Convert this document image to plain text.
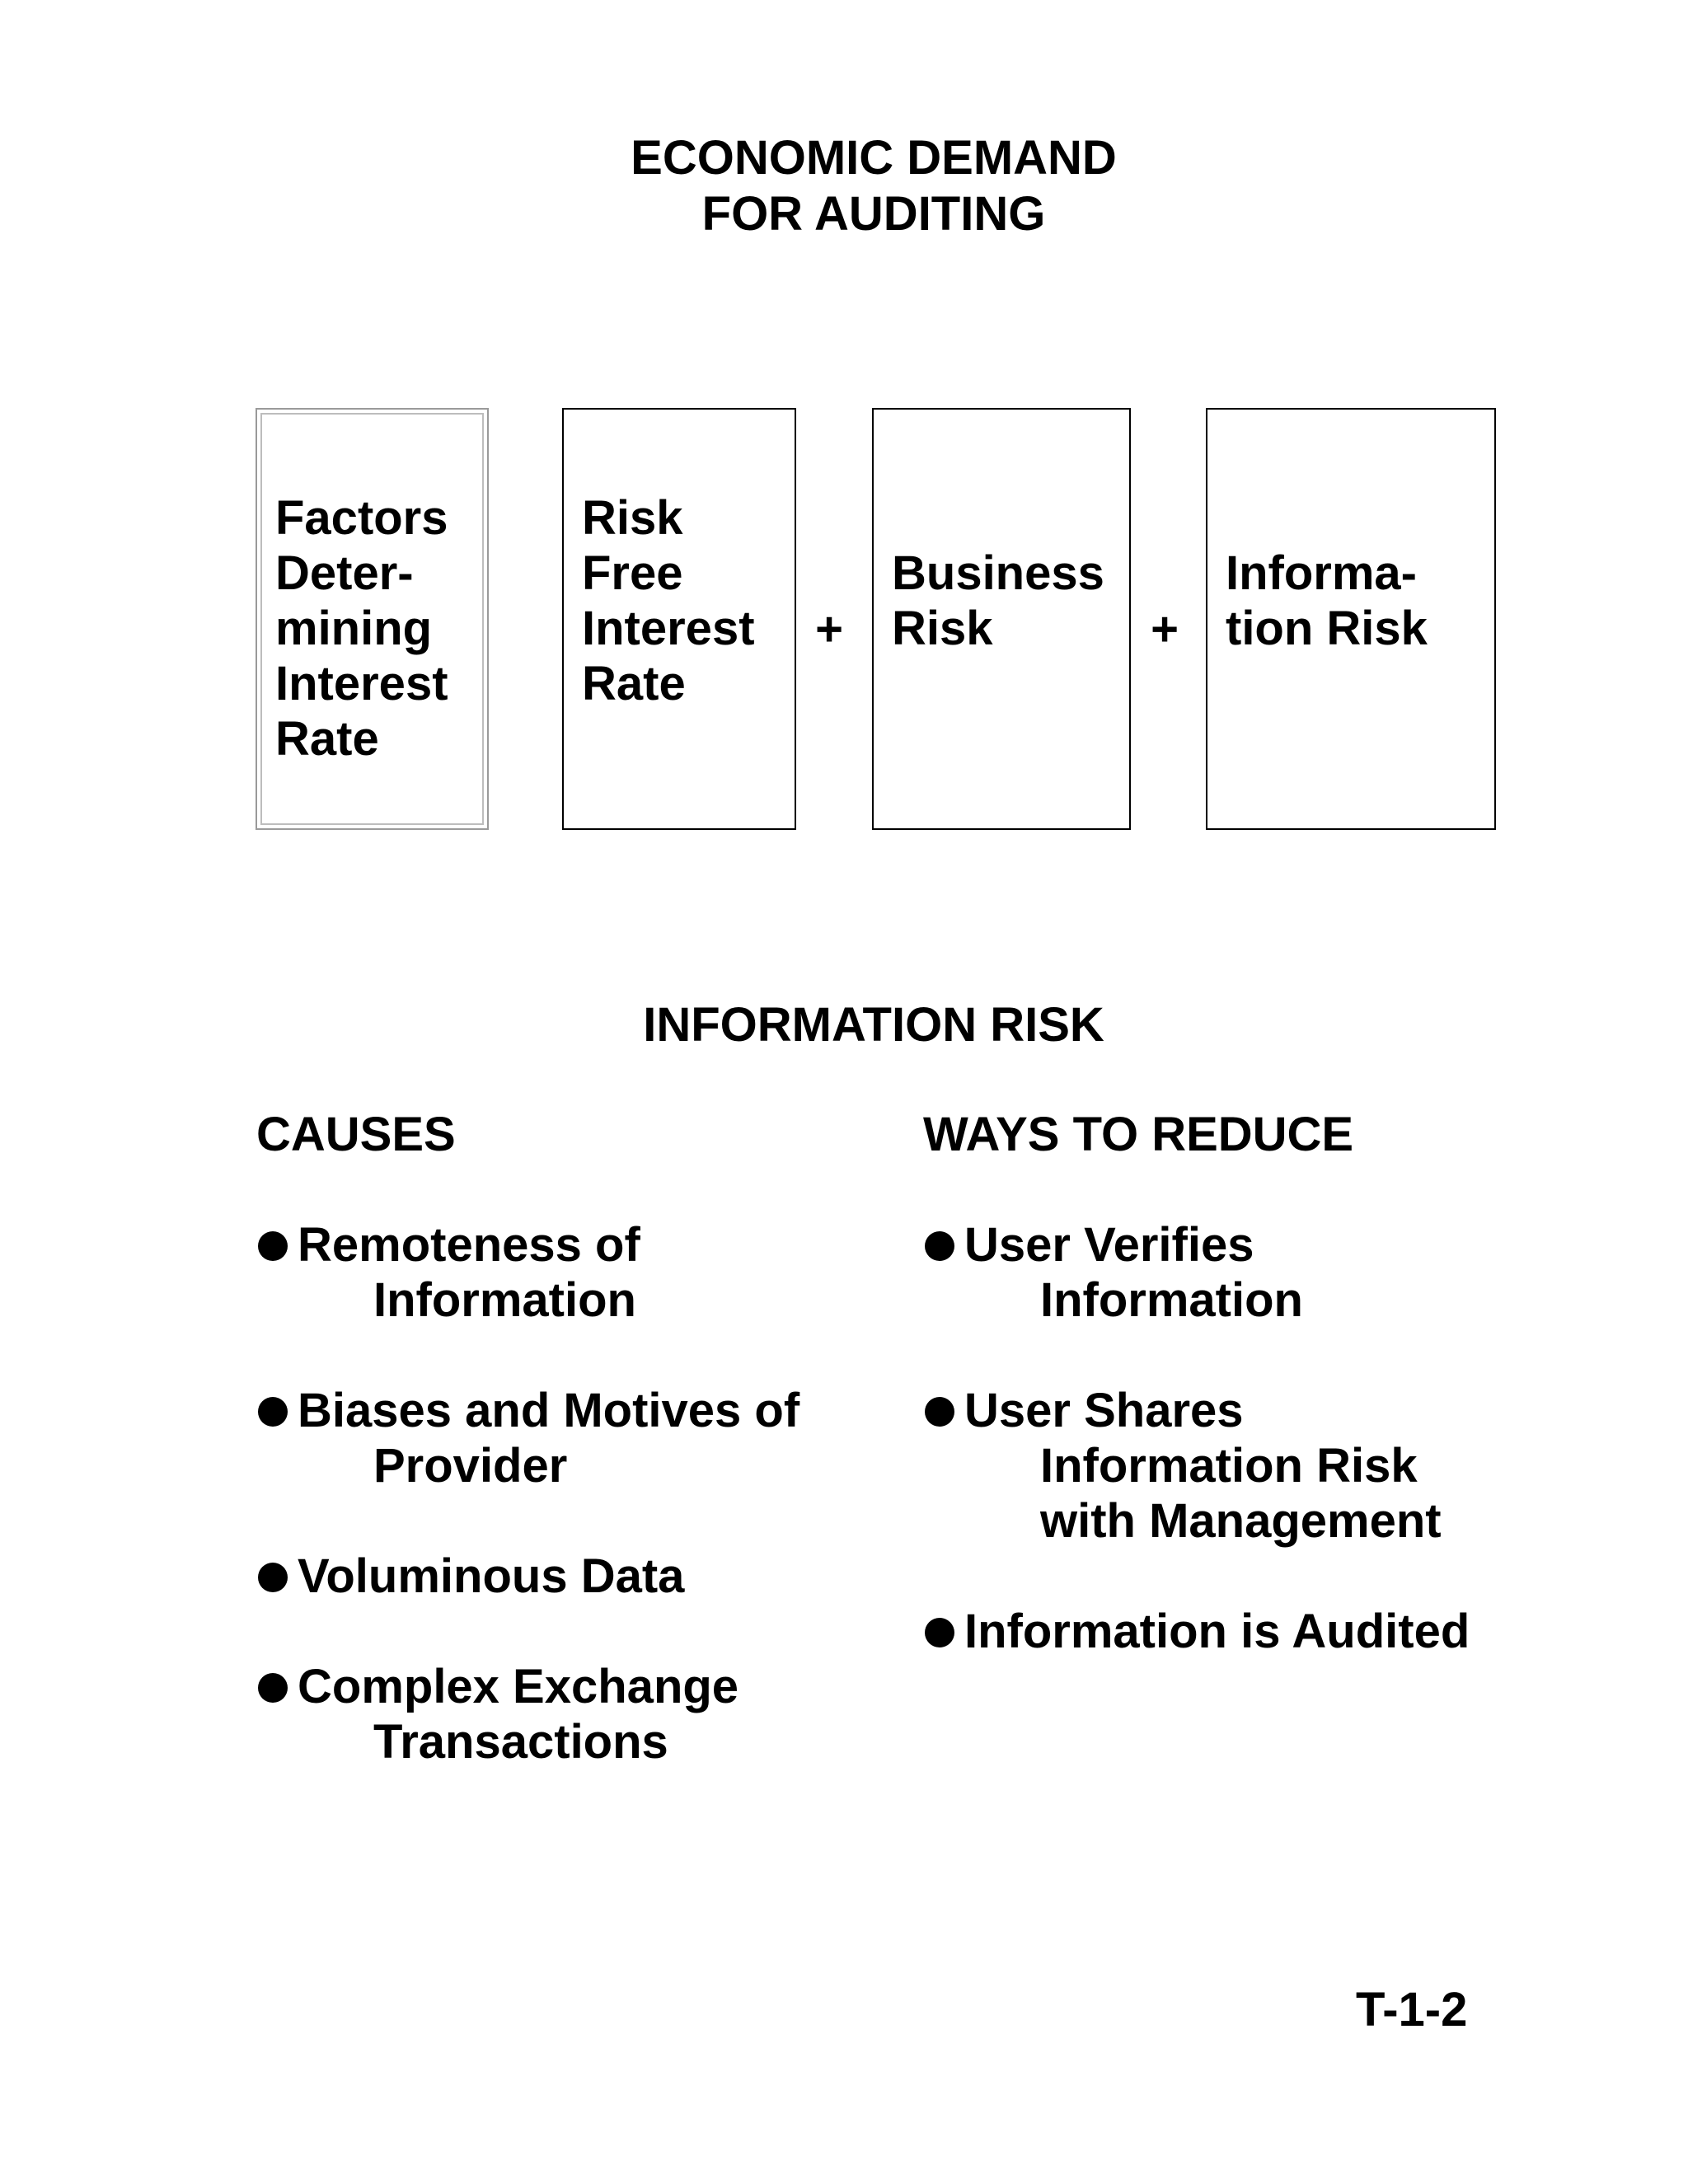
ECONOMIC DEMAND
FOR AUDITING
Factors
Deter-
mining
Interest
Rate
Risk
Free
Interest
Rate
+
Business
Risk	+
Informa-
tion Risk
INFORMATION RISK
CAUSES	WAYS TO REDUCE
Remoteness of
Information
Biases and Motives of
Provider
Voluminous Data
Complex Exchange
Transactions
User Verifies
Information
User Shares
Information Risk
with Management
Information is Audited
T-1-2
